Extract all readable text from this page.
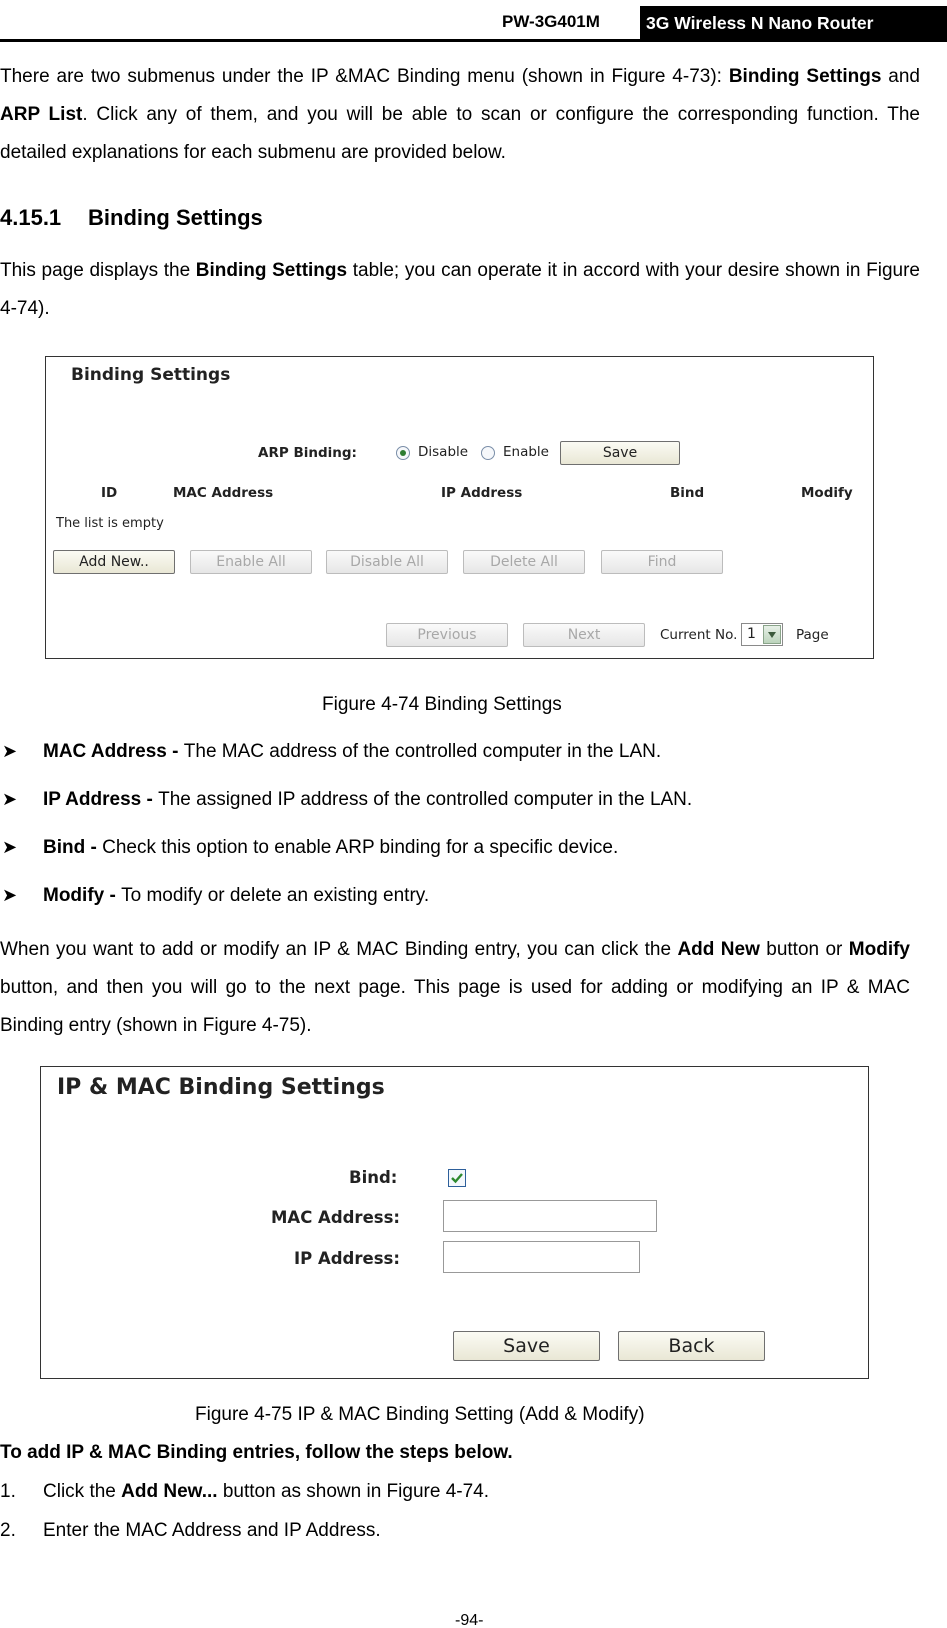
PW-3G401M	3G Wireless N Nano Router
There are two submenus under the IP &MAC Binding menu (shown in Figure 4-73): Binding Settings and ARP List. Click any of them, and you will be able to scan or configure the corresponding function. The detailed explanations for each submenu are provided below.
4.15.1 Binding Settings
This page displays the Binding Settings table; you can operate it in accord with your desire shown in Figure 4-74).
Binding Settings
ARP Binding:	Disable	Enable	Save
ID	MAC Address	IP Address	Bind	Modify
The list is empty
Add New..	Enable All	Disable All	Delete All	Find
Previous	Next	Current No. 1	Page
Figure 4-74 Binding Settings
➤ MAC Address - The MAC address of the controlled computer in the LAN.
➤ IP Address - The assigned IP address of the controlled computer in the LAN.
➤ Bind - Check this option to enable ARP binding for a specific device.
➤ Modify - To modify or delete an existing entry.
When you want to add or modify an IP & MAC Binding entry, you can click the Add New button or Modify button, and then you will go to the next page. This page is used for adding or modifying an IP & MAC Binding entry (shown in Figure 4-75).
IP & MAC Binding Settings
Bind:
MAC Address:
IP Address:
Save	Back
Figure 4-75 IP & MAC Binding Setting (Add & Modify)
To add IP & MAC Binding entries, follow the steps below.
1. Click the Add New... button as shown in Figure 4-74.
2. Enter the MAC Address and IP Address.
-94-
